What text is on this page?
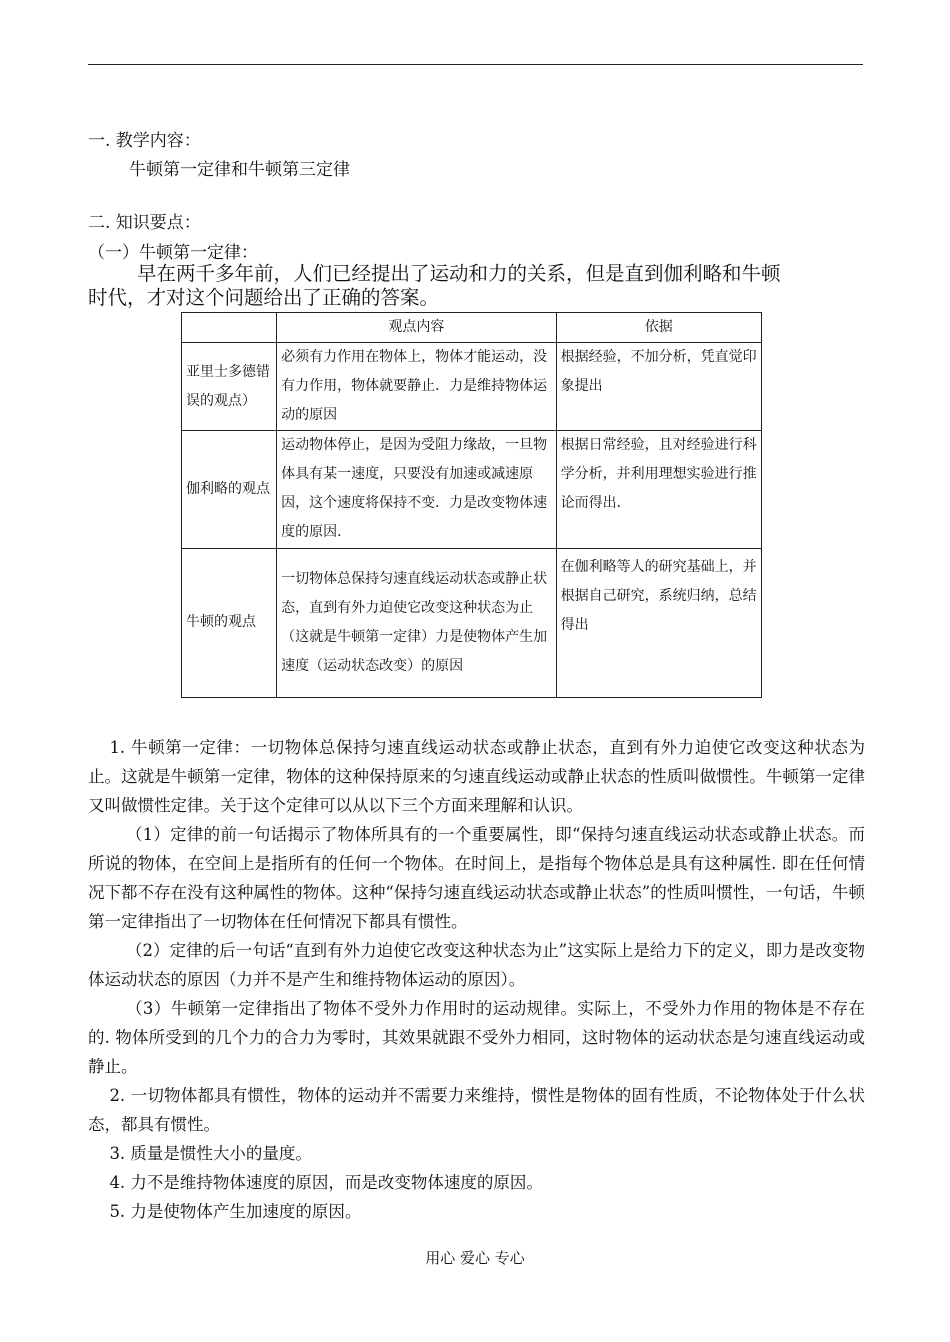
一. 教学内容：
牛顿第一定律和牛顿第三定律
二. 知识要点：
（一）牛顿第一定律：
早在两千多年前，人们已经提出了运动和力的关系，但是直到伽利略和牛顿
时代，才对这个问题给出了正确的答案。
	观点内容	依据
亚里士多德错误的观点）	必须有力作用在物体上，物体才能运动，没有力作用，物体就要静止．力是维持物体运动的原因	根据经验，不加分析，凭直觉印象提出
伽利略的观点	运动物体停止，是因为受阻力缘故，一旦物体具有某一速度，只要没有加速或减速原因，这个速度将保持不变．力是改变物体速度的原因．	根据日常经验，且对经验进行科学分析，并利用理想实验进行推论而得出．
牛顿的观点	一切物体总保持匀速直线运动状态或静止状态，直到有外力迫使它改变这种状态为止（这就是牛顿第一定律）力是使物体产生加速度（运动状态改变）的原因	在伽利略等人的研究基础上，并根据自己研究，系统归纳，总结得出

1. 牛顿第一定律：一切物体总保持匀速直线运动状态或静止状态，直到有外力迫使它改变这种状态为止。这就是牛顿第一定律，物体的这种保持原来的匀速直线运动或静止状态的性质叫做惯性。牛顿第一定律又叫做惯性定律。关于这个定律可以从以下三个方面来理解和认识。

（1）定律的前一句话揭示了物体所具有的一个重要属性，即“保持匀速直线运动状态或静止状态。而所说的物体，在空间上是指所有的任何一个物体。在时间上，是指每个物体总是具有这种属性. 即在任何情况下都不存在没有这种属性的物体。这种“保持匀速直线运动状态或静止状态”的性质叫惯性，一句话，牛顿第一定律指出了一切物体在任何情况下都具有惯性。

（2）定律的后一句话“直到有外力迫使它改变这种状态为止”这实际上是给力下的定义，即力是改变物体运动状态的原因（力并不是产生和维持物体运动的原因）。

（3）牛顿第一定律指出了物体不受外力作用时的运动规律。实际上，不受外力作用的物体是不存在的. 物体所受到的几个力的合力为零时，其效果就跟不受外力相同，这时物体的运动状态是匀速直线运动或静止。

2. 一切物体都具有惯性，物体的运动并不需要力来维持，惯性是物体的固有性质，不论物体处于什么状态，都具有惯性。

3. 质量是惯性大小的量度。

4. 力不是维持物体速度的原因，而是改变物体速度的原因。

5. 力是使物体产生加速度的原因。

用心 爱心 专心
